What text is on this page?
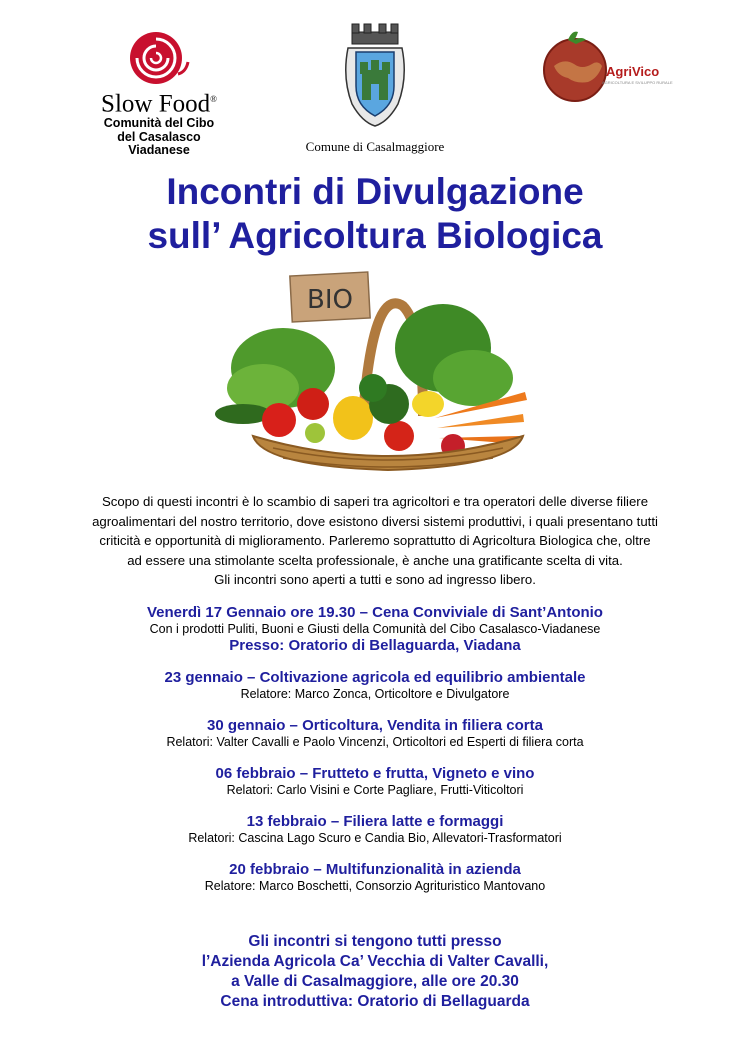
Slow Food®
Comunità del Cibo
del Casalasco
Viadanese	Comune di Casalmaggiore
AgriVico
AGRICOLTURA E SVILUPPO RURALE
Incontri di Divulgazione
sull’ Agricoltura Biologica
BIO
Scopo di questi incontri è lo scambio di saperi tra agricoltori e tra operatori delle diverse filiere
agroalimentari del nostro territorio, dove esistono diversi sistemi produttivi, i quali presentano tutti
criticità e opportunità di miglioramento. Parleremo soprattutto di Agricoltura Biologica che, oltre
ad essere una stimolante scelta professionale, è anche una gratificante scelta di vita.
Gli incontri sono aperti a tutti e sono ad ingresso libero.
Venerdì 17 Gennaio ore 19.30 – Cena Conviviale di Sant’Antonio
Con i prodotti Puliti, Buoni e Giusti della Comunità del Cibo Casalasco-Viadanese
Presso: Oratorio di Bellaguarda, Viadana
23 gennaio – Coltivazione agricola ed equilibrio ambientale
Relatore: Marco Zonca, Orticoltore e Divulgatore
30 gennaio – Orticoltura, Vendita in filiera corta
Relatori: Valter Cavalli e Paolo Vincenzi, Orticoltori ed Esperti di filiera corta
06 febbraio – Frutteto e frutta, Vigneto e vino
Relatori: Carlo Visini e Corte Pagliare, Frutti-Viticoltori
13 febbraio – Filiera latte e formaggi
Relatori: Cascina Lago Scuro e Candia Bio, Allevatori-Trasformatori
20 febbraio – Multifunzionalità in azienda
Relatore: Marco Boschetti, Consorzio Agrituristico Mantovano
Gli incontri si tengono tutti presso
l’Azienda Agricola Ca’ Vecchia di Valter Cavalli,
a Valle di Casalmaggiore, alle ore 20.30
Cena introduttiva: Oratorio di Bellaguarda
